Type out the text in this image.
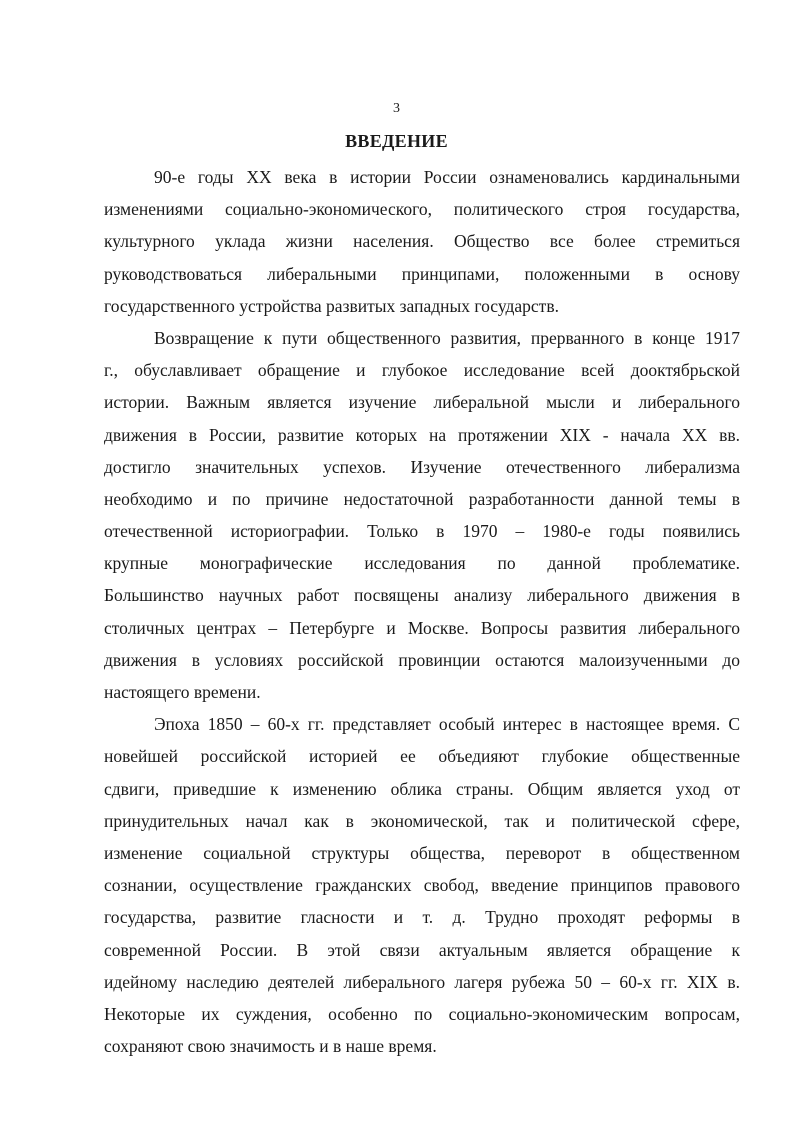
3
ВВЕДЕНИЕ
90-е годы XX века в истории России ознаменовались кардинальными
изменениями социально-экономического, политического строя государства,
культурного уклада жизни населения. Общество все более стремиться
руководствоваться либеральными принципами, положенными в основу
государственного устройства развитых западных государств.
Возвращение к пути общественного развития, прерванного в конце 1917
г., обуславливает обращение и глубокое исследование всей дооктябрьской
истории. Важным является изучение либеральной мысли и либерального
движения в России, развитие которых на протяжении XIX - начала XX вв.
достигло значительных успехов. Изучение отечественного либерализма
необходимо и по причине недостаточной разработанности данной темы в
отечественной историографии. Только в 1970 – 1980-е годы появились
крупные монографические исследования по данной проблематике.
Большинство научных работ посвящены анализу либерального движения в
столичных центрах – Петербурге и Москве. Вопросы развития либерального
движения в условиях российской провинции остаются малоизученными до
настоящего времени.
Эпоха 1850 – 60-х гг. представляет особый интерес в настоящее время. С
новейшей российской историей ее объедияют глубокие общественные
сдвиги, приведшие к изменению облика страны. Общим является уход от
принудительных начал как в экономической, так и политической сфере,
изменение социальной структуры общества, переворот в общественном
сознании, осуществление гражданских свобод, введение принципов правового
государства, развитие гласности и т. д. Трудно проходят реформы в
современной России. В этой связи актуальным является обращение к
идейному наследию деятелей либерального лагеря рубежа 50 – 60-х гг. XIX в.
Некоторые их суждения, особенно по социально-экономическим вопросам,
сохраняют свою значимость и в наше время.
